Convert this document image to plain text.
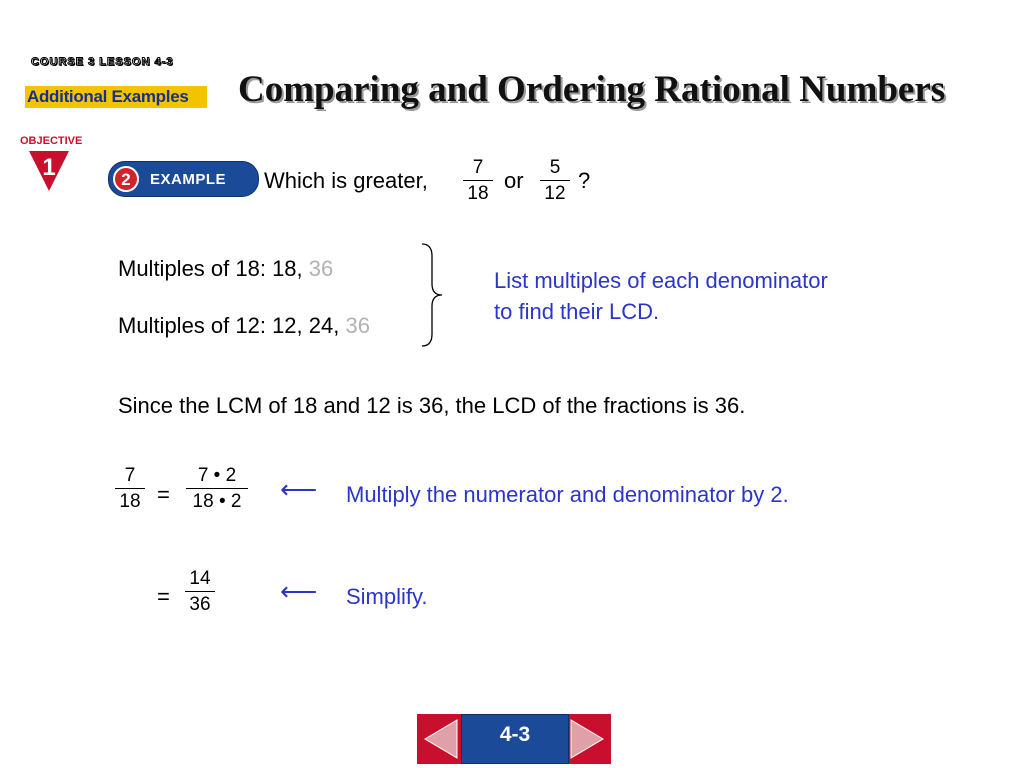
COURSE 3 LESSON 4-3
Additional Examples Comparing and Ordering Rational Numbers
OBJECTIVE
1	2	EXAMPLE Which is greater,
7
18
or
5
12
?
Multiples of 18: 18, 36
Multiples of 12: 12, 24, 36
List multiples of each denominator
to find their LCD.
Since the LCM of 18 and 12 is 36, the LCD of the fractions is 36.
7
18 =
7 • 2
18 • 2 ⟵ Multiply the numerator and denominator by 2.
=
14
36	⟵ Simplify.
4-3
